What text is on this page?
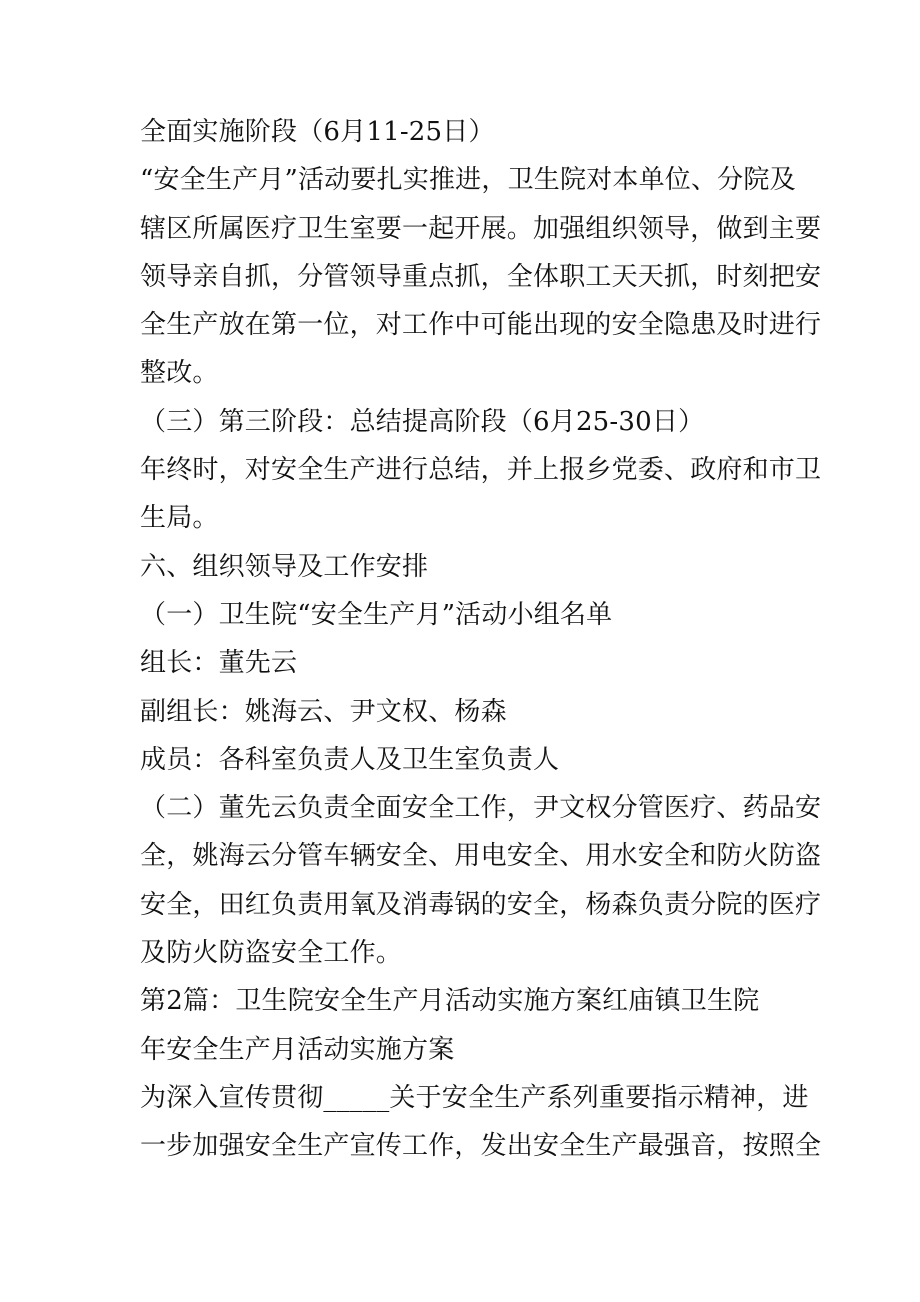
全面实施阶段（6月11-25日）

“安全生产月”活动要扎实推进，卫生院对本单位、分院及

辖区所属医疗卫生室要一起开展。加强组织领导，做到主要

领导亲自抓，分管领导重点抓，全体职工天天抓，时刻把安

全生产放在第一位，对工作中可能出现的安全隐患及时进行

整改。

（三）第三阶段：总结提高阶段（6月25-30日）

年终时，对安全生产进行总结，并上报乡党委、政府和市卫

生局。

六、组织领导及工作安排

（一）卫生院“安全生产月”活动小组名单

组长：董先云

副组长：姚海云、尹文权、杨森

成员：各科室负责人及卫生室负责人

（二）董先云负责全面安全工作，尹文权分管医疗、药品安

全，姚海云分管车辆安全、用电安全、用水安全和防火防盗

安全，田红负责用氧及消毒锅的安全，杨森负责分院的医疗

及防火防盗安全工作。

第2篇：卫生院安全生产月活动实施方案红庙镇卫生院

年安全生产月活动实施方案

为深入宣传贯彻_____关于安全生产系列重要指示精神，进

一步加强安全生产宣传工作，发出安全生产最强音，按照全
